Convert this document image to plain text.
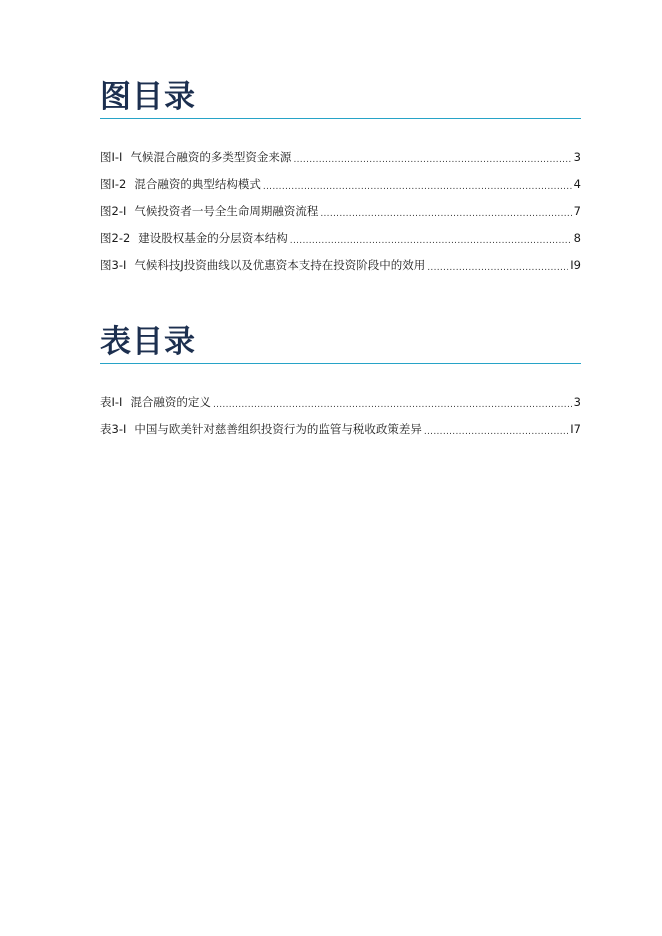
图目录
图I-I 气候混合融资的多类型资金来源 .....	3
图I-2 混合融资的典型结构模式 .....	4
图2-I 气候投资者一号全生命周期融资流程 .....	7
图2-2 建设股权基金的分层资本结构 .....	8
图3-I 气候科技J投资曲线以及优惠资本支持在投资阶段中的效用 .....	I9
表目录
表I-I 混合融资的定义 .....	3
表3-I 中国与欧美针对慈善组织投资行为的监管与税收政策差异 .....	I7
